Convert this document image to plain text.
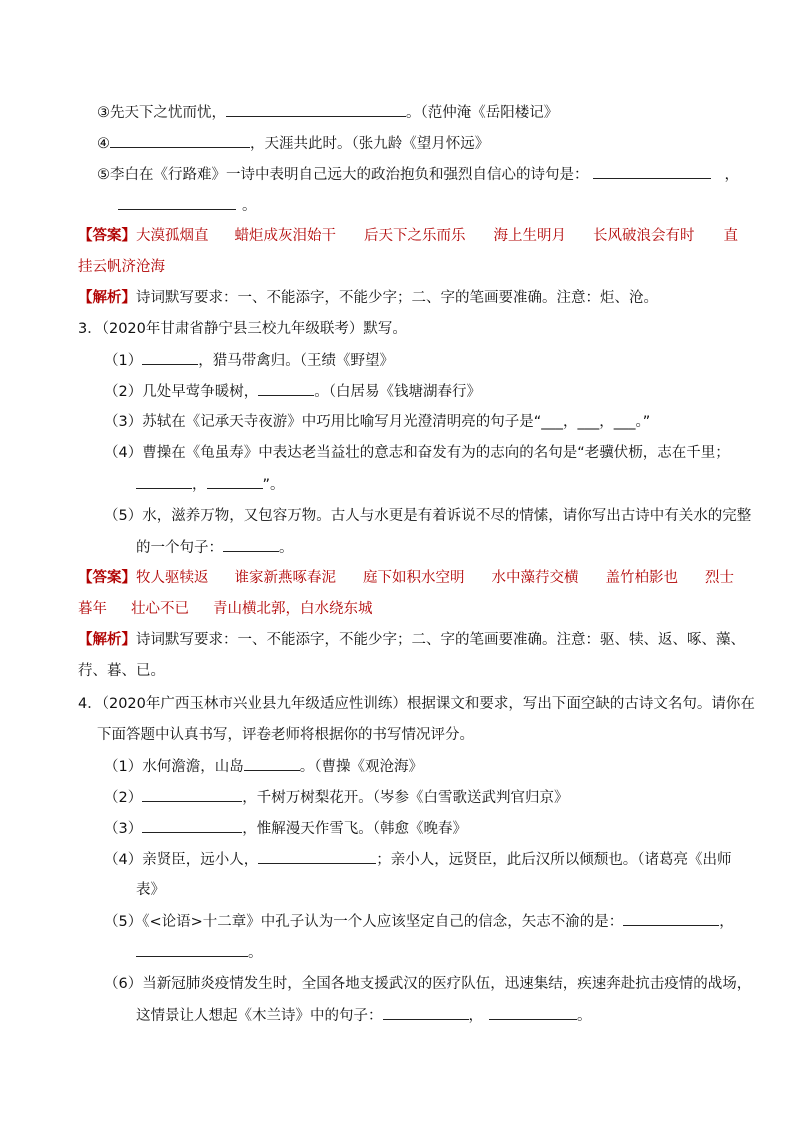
③先天下之忧而忧，	。（范仲淹《岳阳楼记》
④	，天涯共此时。（张九龄《望月怀远》
⑤李白在《行路难》一诗中表明自己远大的政治抱负和强烈自信心的诗句是：	，
。
【答案】大漠孤烟直 蜡炬成灰泪始干 后天下之乐而乐 海上生明月 长风破浪会有时 直
挂云帆济沧海
【解析】诗词默写要求：一、不能添字，不能少字；二、字的笔画要准确。注意：炬、沧。
3．（2020年甘肃省静宁县三校九年级联考）默写。
（1）	，猎马带禽归。（王绩《野望》
（2）几处早莺争暖树，	。（白居易《钱塘湖春行》
（3）苏轼在《记承天寺夜游》中巧用比喻写月光澄清明亮的句子是“___，___，___。”
（4）曹操在《龟虽寿》中表达老当益壮的意志和奋发有为的志向的名句是“老骥伏枥，志在千里；
，	”。
（5）水，滋养万物，又包容万物。古人与水更是有着诉说不尽的情愫，请你写出古诗中有关水的完整
的一个句子：	。
【答案】牧人驱犊返 谁家新燕啄春泥 庭下如积水空明 水中藻荇交横 盖竹柏影也 烈士
暮年 壮心不已 青山横北郭，白水绕东城
【解析】诗词默写要求：一、不能添字，不能少字；二、字的笔画要准确。注意：驱、犊、返、啄、藻、
荇、暮、已。
4．（2020年广西玉林市兴业县九年级适应性训练）根据课文和要求，写出下面空缺的古诗文名句。请你在
下面答题中认真书写，评卷老师将根据你的书写情况评分。
（1）水何澹澹，山岛	。（曹操《观沧海》
（2）	，千树万树梨花开。（岑参《白雪歌送武判官归京》
（3）	，惟解漫天作雪飞。（韩愈《晚春》
（4）亲贤臣，远小人，	；亲小人，远贤臣，此后汉所以倾颓也。（诸葛亮《出师
表》
（5）《<论语>十二章》中孔子认为一个人应该坚定自己的信念，矢志不渝的是：	，
。
（6）当新冠肺炎疫情发生时，全国各地支援武汉的医疗队伍，迅速集结，疾速奔赴抗击疫情的战场，
这情景让人想起《木兰诗》中的句子：	，	。
